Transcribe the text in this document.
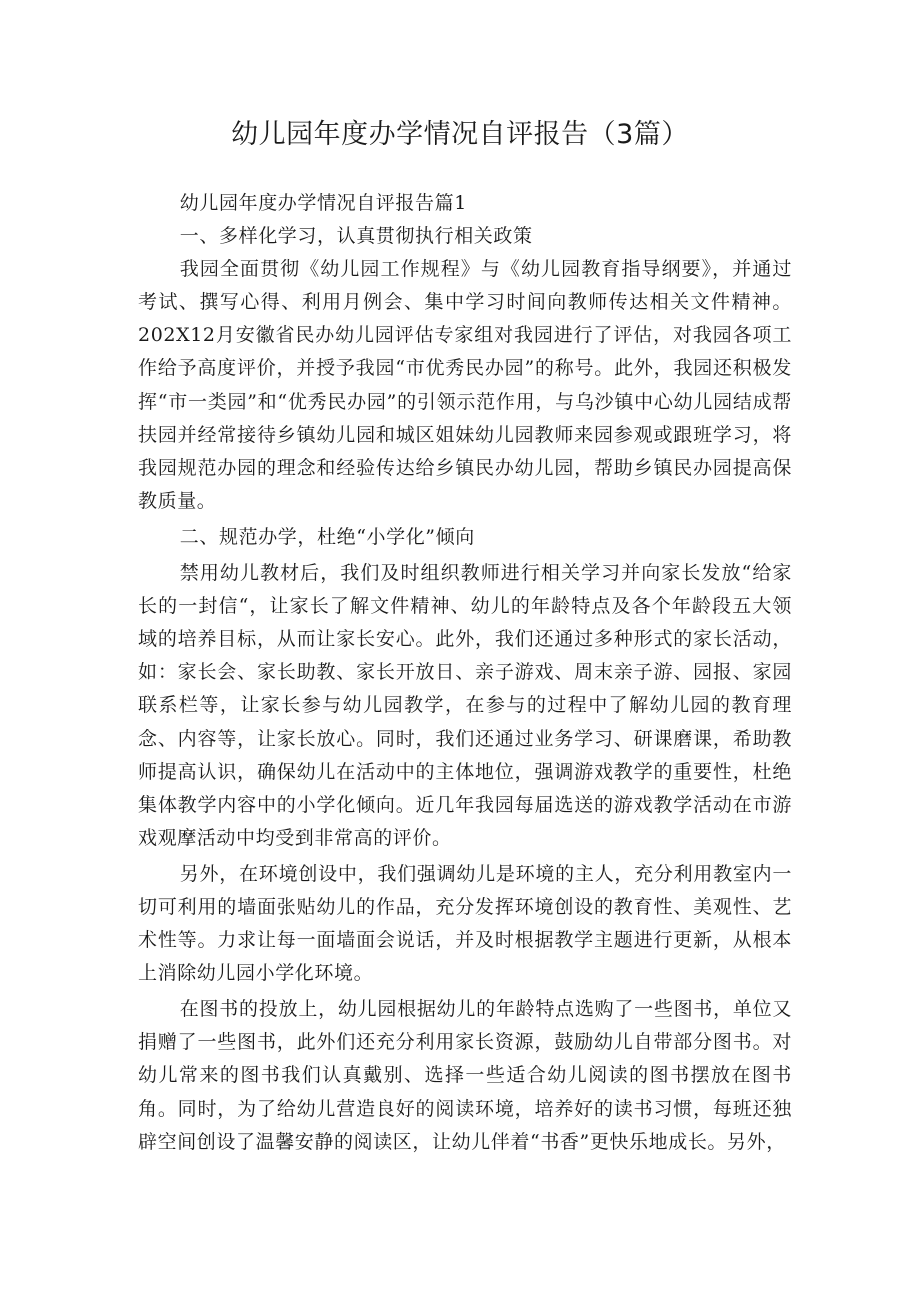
幼儿园年度办学情况自评报告（3篇）

幼儿园年度办学情况自评报告篇1

一、多样化学习，认真贯彻执行相关政策

我园全面贯彻《幼儿园工作规程》与《幼儿园教育指导纲要》，并通过考试、撰写心得、利用月例会、集中学习时间向教师传达相关文件精神。202X12月安徽省民办幼儿园评估专家组对我园进行了评估，对我园各项工作给予高度评价，并授予我园“市优秀民办园”的称号。此外，我园还积极发挥“市一类园”和“优秀民办园”的引领示范作用，与乌沙镇中心幼儿园结成帮扶园并经常接待乡镇幼儿园和城区姐妹幼儿园教师来园参观或跟班学习，将我园规范办园的理念和经验传达给乡镇民办幼儿园，帮助乡镇民办园提高保教质量。

二、规范办学，杜绝“小学化”倾向

禁用幼儿教材后，我们及时组织教师进行相关学习并向家长发放“给家长的一封信“，让家长了解文件精神、幼儿的年龄特点及各个年龄段五大领域的培养目标，从而让家长安心。此外，我们还通过多种形式的家长活动，如：家长会、家长助教、家长开放日、亲子游戏、周末亲子游、园报、家园联系栏等，让家长参与幼儿园教学，在参与的过程中了解幼儿园的教育理念、内容等，让家长放心。同时，我们还通过业务学习、研课磨课，希助教师提高认识，确保幼儿在活动中的主体地位，强调游戏教学的重要性，杜绝集体教学内容中的小学化倾向。近几年我园每届选送的游戏教学活动在市游戏观摩活动中均受到非常高的评价。

另外，在环境创设中，我们强调幼儿是环境的主人，充分利用教室内一切可利用的墙面张贴幼儿的作品，充分发挥环境创设的教育性、美观性、艺术性等。力求让每一面墙面会说话，并及时根据教学主题进行更新，从根本上消除幼儿园小学化环境。

在图书的投放上，幼儿园根据幼儿的年龄特点选购了一些图书，单位又捐赠了一些图书，此外们还充分利用家长资源，鼓励幼儿自带部分图书。对幼儿常来的图书我们认真戴别、选择一些适合幼儿阅读的图书摆放在图书角。同时，为了给幼儿营造良好的阅读环境，培养好的读书习惯，每班还独辟空间创设了温馨安静的阅读区，让幼儿伴着“书香”更快乐地成长。另外，
